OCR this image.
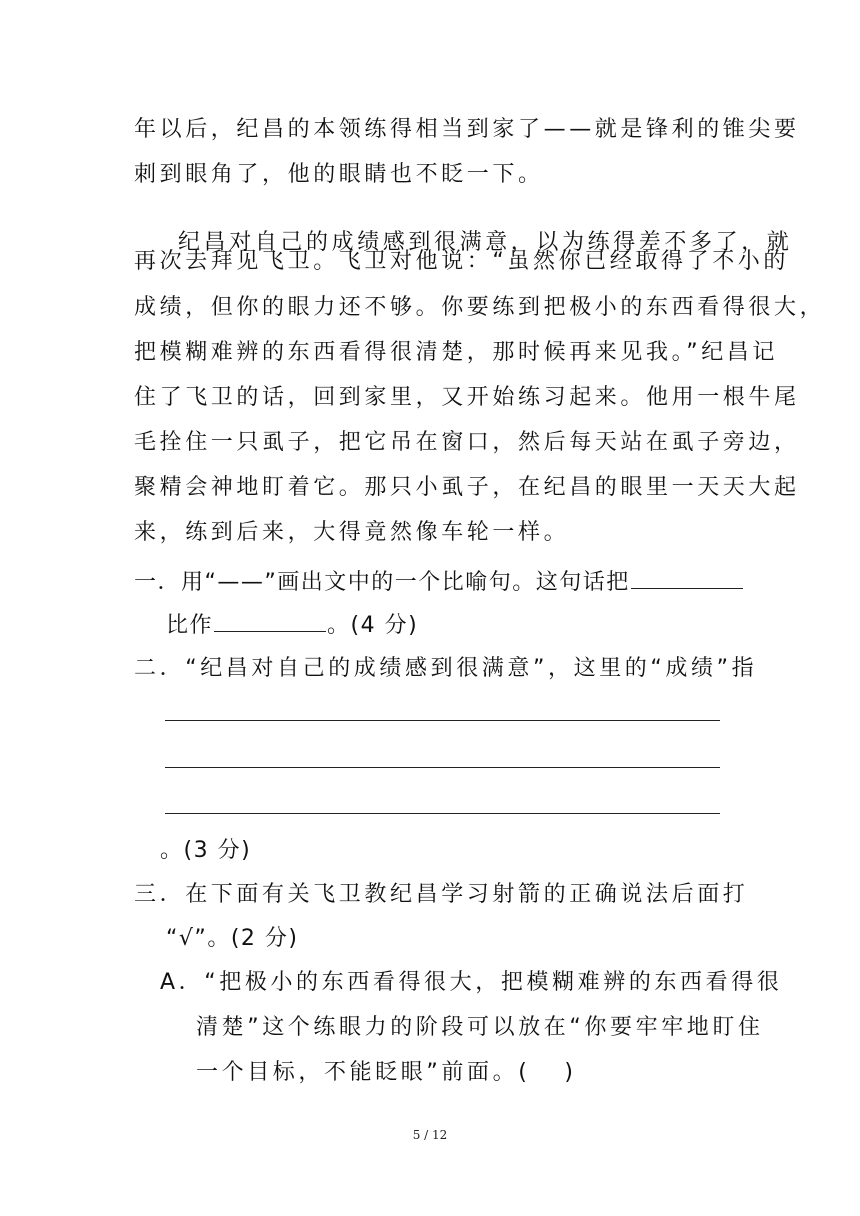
年以后，纪昌的本领练得相当到家了——就是锋利的锥尖要
刺到眼角了，他的眼睛也不眨一下。
纪昌对自己的成绩感到很满意，以为练得差不多了，就
再次去拜见飞卫。飞卫对他说：“虽然你已经取得了不小的
成绩，但你的眼力还不够。你要练到把极小的东西看得很大，
把模糊难辨的东西看得很清楚，那时候再来见我。”纪昌记
住了飞卫的话，回到家里，又开始练习起来。他用一根牛尾
毛拴住一只虱子，把它吊在窗口，然后每天站在虱子旁边，
聚精会神地盯着它。那只小虱子，在纪昌的眼里一天天大起
来，练到后来，大得竟然像车轮一样。
一．用“——”画出文中的一个比喻句。这句话把
比作	。(4 分)
二．“纪昌对自己的成绩感到很满意”，这里的“成绩”指
。(3 分)
三．在下面有关飞卫教纪昌学习射箭的正确说法后面打
“√”。(2 分)
A．“把极小的东西看得很大，把模糊难辨的东西看得很
清楚”这个练眼力的阶段可以放在“你要牢牢地盯住
一个目标，不能眨眼”前面。( )
5 / 12
